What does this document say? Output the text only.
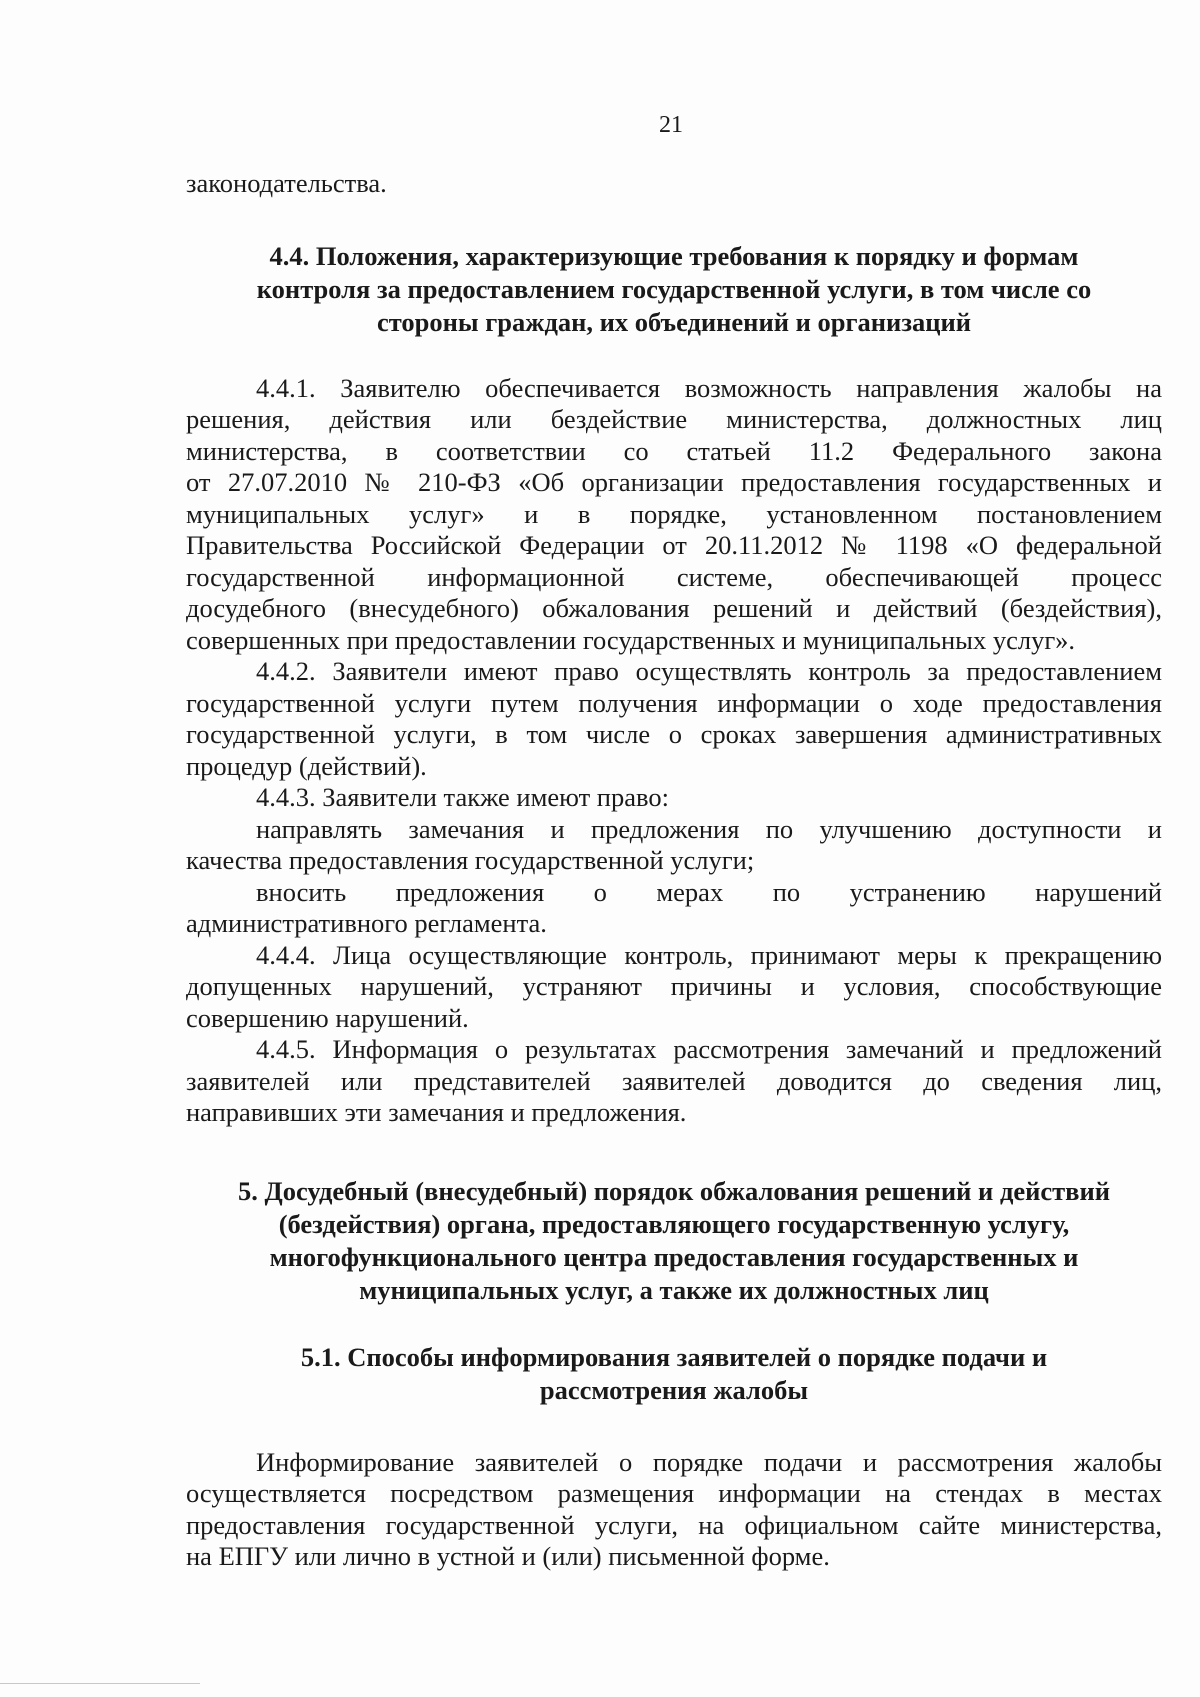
21

законодательства.

4.4. Положения, характеризующие требования к порядку и формам
контроля за предоставлением государственной услуги, в том числе со
стороны граждан, их объединений и организаций

4.4.1. Заявителю обеспечивается возможность направления жалобы на

решения, действия или бездействие министерства, должностных лиц

министерства, в соответствии со статьей 11.2 Федерального закона

от 27.07.2010 № 210-ФЗ «Об организации предоставления государственных и

муниципальных услуг» и в порядке, установленном постановлением

Правительства Российской Федерации от 20.11.2012 № 1198 «О федеральной

государственной информационной системе, обеспечивающей процесс

досудебного (внесудебного) обжалования решений и действий (бездействия),

совершенных при предоставлении государственных и муниципальных услуг».

4.4.2. Заявители имеют право осуществлять контроль за предоставлением

государственной услуги путем получения информации о ходе предоставления

государственной услуги, в том числе о сроках завершения административных

процедур (действий).

4.4.3. Заявители также имеют право:

направлять замечания и предложения по улучшению доступности и

качества предоставления государственной услуги;

вносить предложения о мерах по устранению нарушений

административного регламента.

4.4.4. Лица осуществляющие контроль, принимают меры к прекращению

допущенных нарушений, устраняют причины и условия, способствующие

совершению нарушений.

4.4.5. Информация о результатах рассмотрения замечаний и предложений

заявителей или представителей заявителей доводится до сведения лиц,

направивших эти замечания и предложения.

5. Досудебный (внесудебный) порядок обжалования решений и действий
(бездействия) органа, предоставляющего государственную услугу,
многофункционального центра предоставления государственных и
муниципальных услуг, а также их должностных лиц
5.1. Способы информирования заявителей о порядке подачи и
рассмотрения жалобы

Информирование заявителей о порядке подачи и рассмотрения жалобы

осуществляется посредством размещения информации на стендах в местах

предоставления государственной услуги, на официальном сайте министерства,

на ЕПГУ или лично в устной и (или) письменной форме.
